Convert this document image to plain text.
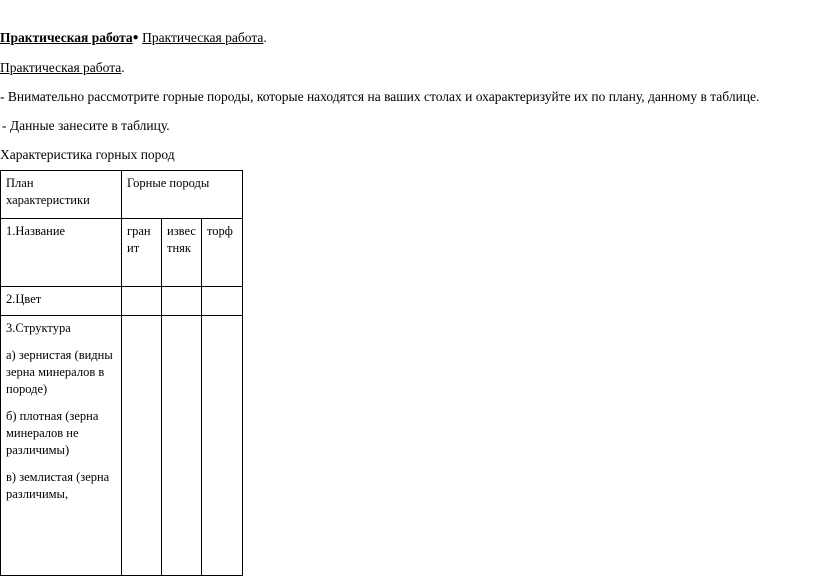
Практическая работа● Практическая работа.
Практическая работа.
- Внимательно рассмотрите горные породы, которые находятся на ваших столах и охарактеризуйте их по плану, данному в таблице.
- Данные занесите в таблицу.
Характеристика горных пород
План характеристики	Горные породы		
1.Название	гранит	известняк	торф
2.Цвет			

3.Структура

а) зернистая (видны зерна минералов в породе)

б) плотная (зерна минералов не различимы)

в) землистая (зерна различимы,			
